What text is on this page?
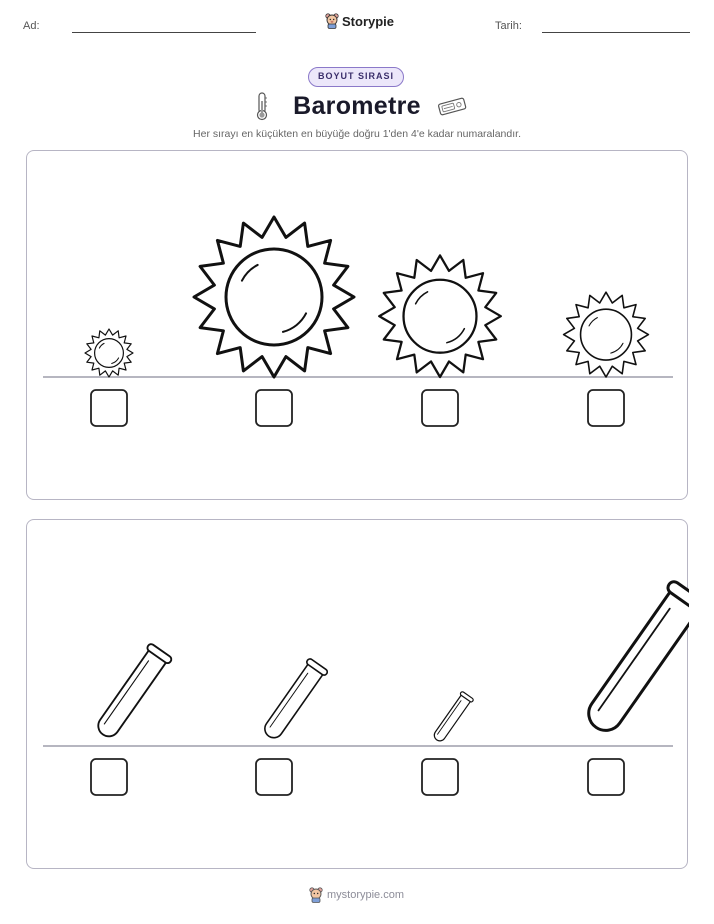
Ad:	Storypie	Tarih:
BOYUT SIRASI
Barometre
Her sırayı en küçükten en büyüğe doğru 1'den 4'e kadar numaralandır.
mystorypie.com
